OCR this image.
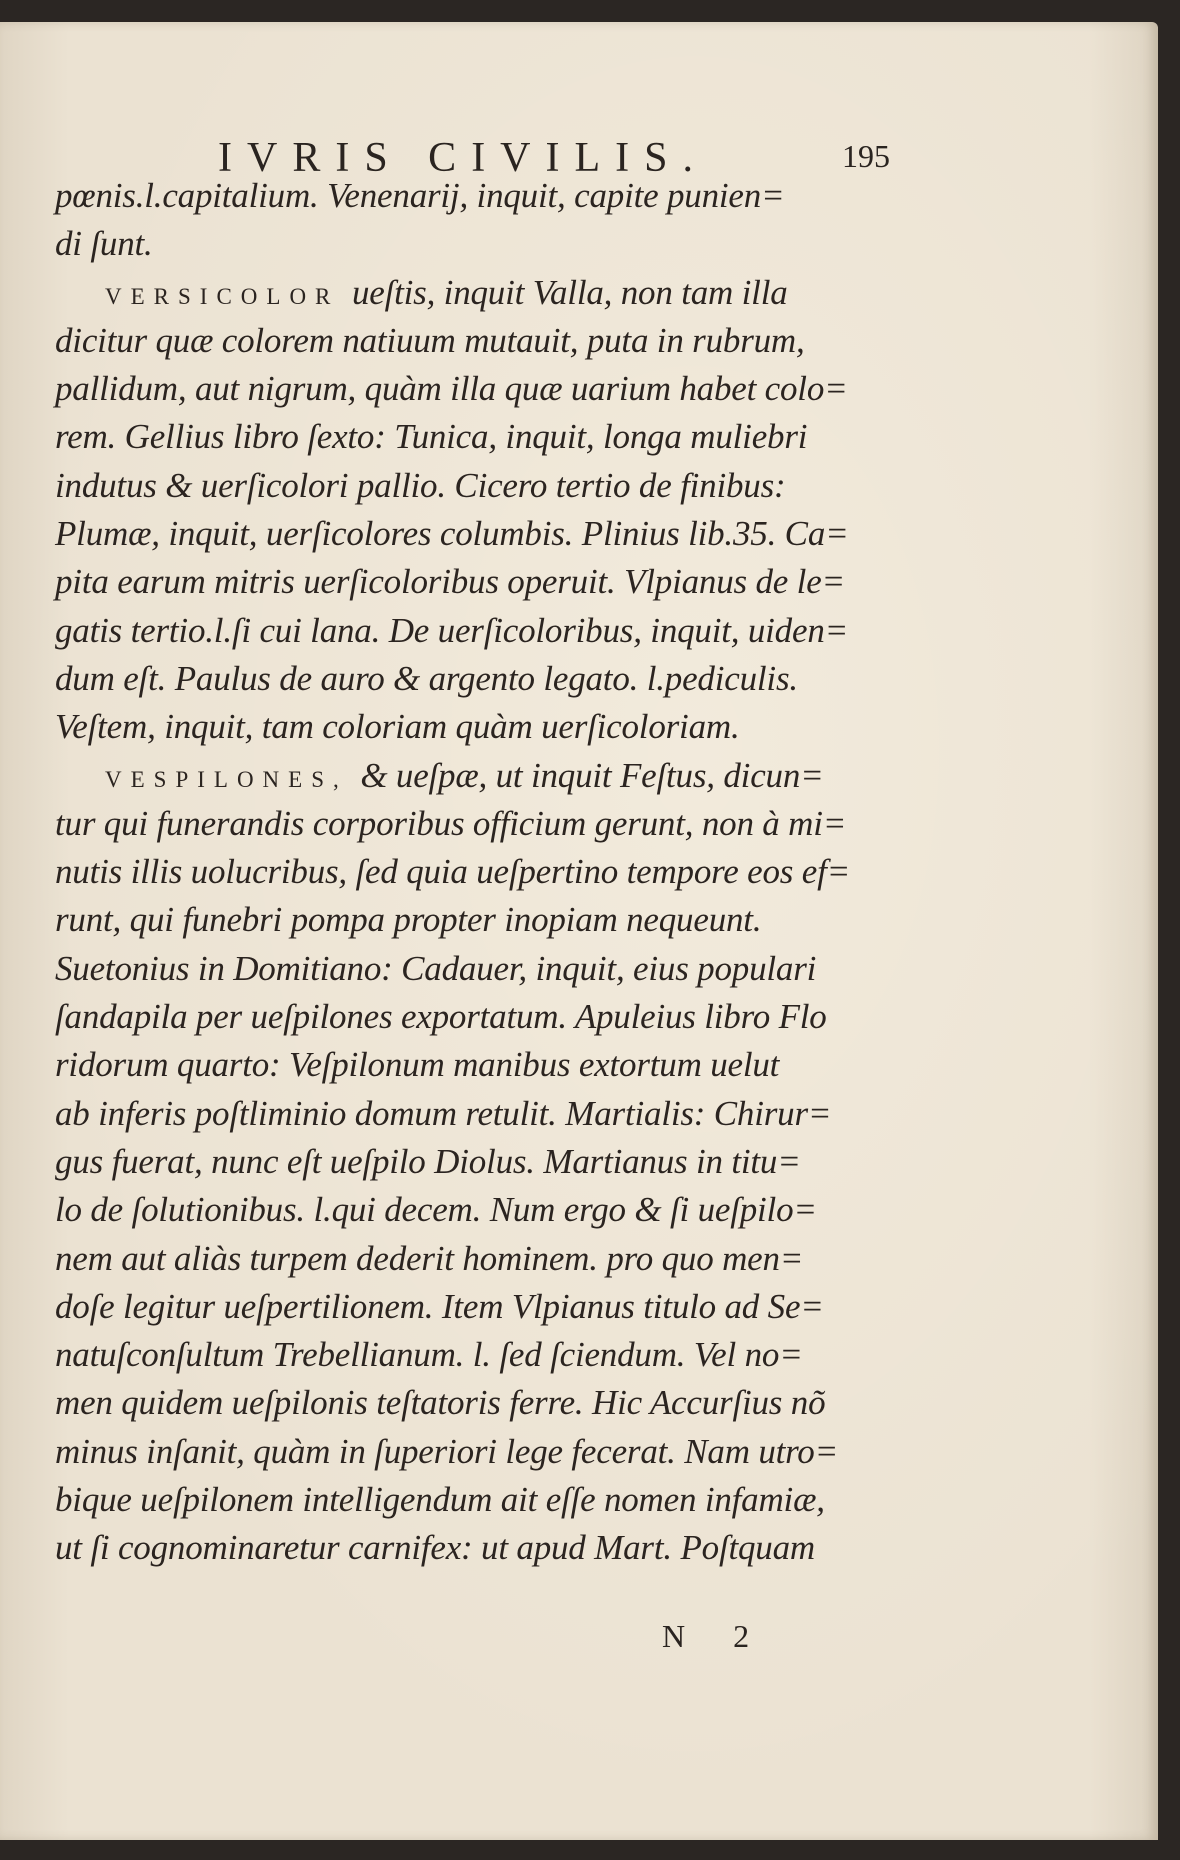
IVRIS CIVILIS.	195
pœnis.l.capitalium. Venenarij, inquit, capite punien=
di ſunt.
VERSICOLOR ueſtis, inquit Valla, non tam illa
dicitur quæ colorem natiuum mutauit, puta in rubrum,
pallidum, aut nigrum, quàm illa quæ uarium habet colo=
rem. Gellius libro ſexto: Tunica, inquit, longa muliebri
indutus & uerſicolori pallio. Cicero tertio de finibus:
Plumæ, inquit, uerſicolores columbis. Plinius lib.35. Ca=
pita earum mitris uerſicoloribus operuit. Vlpianus de le=
gatis tertio.l.ſi cui lana. De uerſicoloribus, inquit, uiden=
dum eſt. Paulus de auro & argento legato. l.pediculis.
Veſtem, inquit, tam coloriam quàm uerſicoloriam.
VESPILONES, & ueſpæ, ut inquit Feſtus, dicun=
tur qui funerandis corporibus officium gerunt, non à mi=
nutis illis uolucribus, ſed quia ueſpertino tempore eos ef=
runt, qui funebri pompa propter inopiam nequeunt.
Suetonius in Domitiano: Cadauer, inquit, eius populari
ſandapila per ueſpilones exportatum. Apuleius libro Flo
ridorum quarto: Veſpilonum manibus extortum uelut
ab inferis poſtliminio domum retulit. Martialis: Chirur=
gus fuerat, nunc eſt ueſpilo Diolus. Martianus in titu=
lo de ſolutionibus. l.qui decem. Num ergo & ſi ueſpilo=
nem aut aliàs turpem dederit hominem. pro quo men=
doſe legitur ueſpertilionem. Item Vlpianus titulo ad Se=
natuſconſultum Trebellianum. l. ſed ſciendum. Vel no=
men quidem ueſpilonis teſtatoris ferre. Hic Accurſius nõ
minus inſanit, quàm in ſuperiori lege fecerat. Nam utro=
bique ueſpilonem intelligendum ait eſſe nomen infamiæ,
ut ſi cognominaretur carnifex: ut apud Mart. Poſtquam
N 2
